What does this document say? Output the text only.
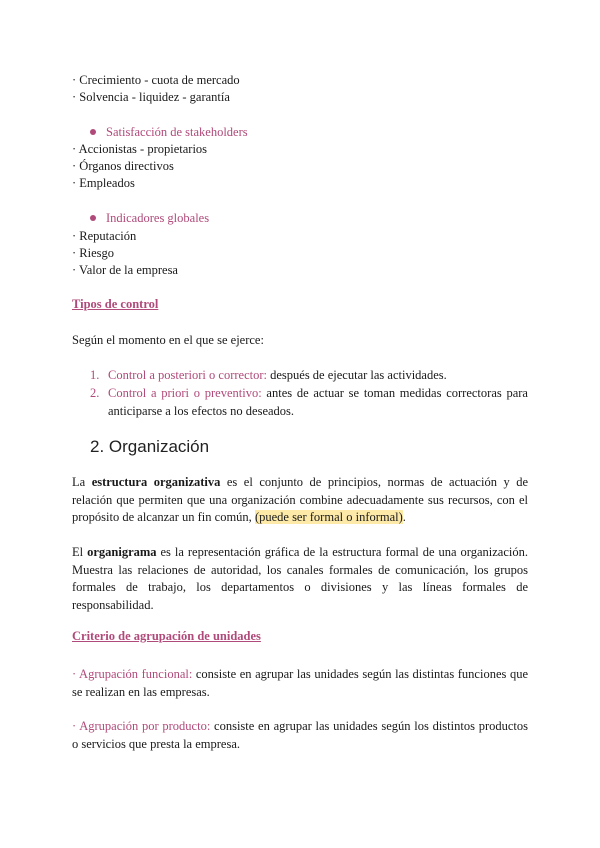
· Crecimiento - cuota de mercado
· Solvencia - liquidez - garantía
Satisfacción de stakeholders
· Accionistas - propietarios
· Órganos directivos
· Empleados
Indicadores globales
· Reputación
· Riesgo
· Valor de la empresa
Tipos de control
Según el momento en el que se ejerce:
1. Control a posteriori o corrector: después de ejecutar las actividades.
2. Control a priori o preventivo: antes de actuar se toman medidas correctoras para anticiparse a los efectos no deseados.
2. Organización
La estructura organizativa es el conjunto de principios, normas de actuación y de relación que permiten que una organización combine adecuadamente sus recursos, con el propósito de alcanzar un fin común, (puede ser formal o informal).
El organigrama es la representación gráfica de la estructura formal de una organización. Muestra las relaciones de autoridad, los canales formales de comunicación, los grupos formales de trabajo, los departamentos o divisiones y las líneas formales de responsabilidad.
Criterio de agrupación de unidades
· Agrupación funcional: consiste en agrupar las unidades según las distintas funciones que se realizan en las empresas.
· Agrupación por producto: consiste en agrupar las unidades según los distintos productos o servicios que presta la empresa.
